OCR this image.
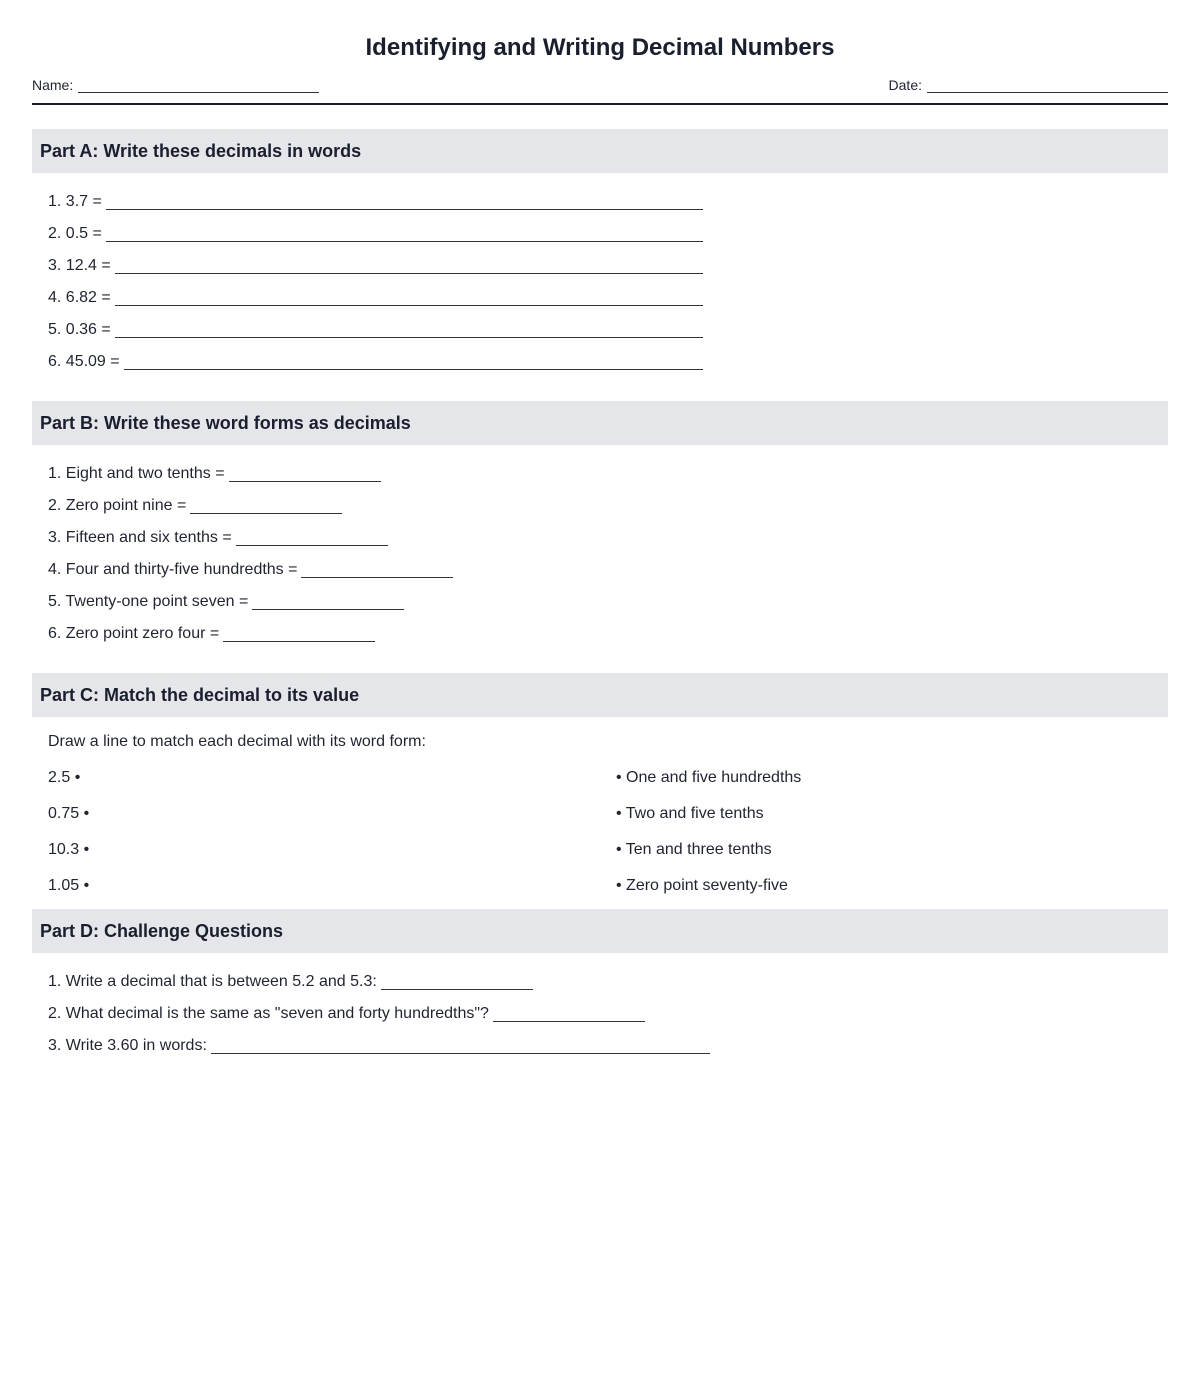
Identifying and Writing Decimal Numbers
Name:	Date:
Part A: Write these decimals in words
1. 3.7 =
2. 0.5 =
3. 12.4 =
4. 6.82 =
5. 0.36 =
6. 45.09 =
Part B: Write these word forms as decimals
1. Eight and two tenths =
2. Zero point nine =
3. Fifteen and six tenths =
4. Four and thirty-five hundredths =
5. Twenty-one point seven =
6. Zero point zero four =
Part C: Match the decimal to its value
Draw a line to match each decimal with its word form:
2.5 •	• One and five hundredths
0.75 •	• Two and five tenths
10.3 •	• Ten and three tenths
1.05 •	• Zero point seventy-five
Part D: Challenge Questions
1. Write a decimal that is between 5.2 and 5.3:
2. What decimal is the same as "seven and forty hundredths"?
3. Write 3.60 in words:
